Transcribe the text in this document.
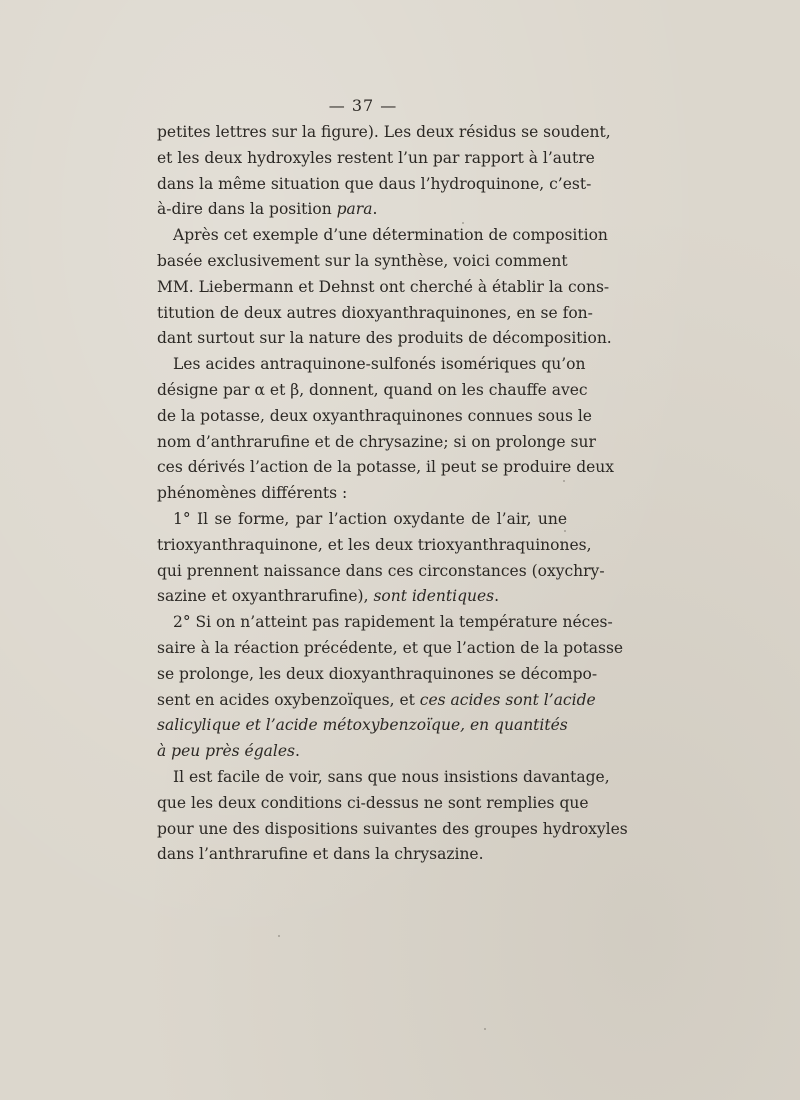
— 37 —
petites lettres sur la figure). Les deux résidus se soudent,
et les deux hydroxyles restent l’un par rapport à l’autre
dans la même situation que daus l’hydroquinone, c’est-
à-dire dans la position para.
Après cet exemple d’une détermination de composition
basée exclusivement sur la synthèse, voici comment
MM. Liebermann et Dehnst ont cherché à établir la cons-
titution de deux autres dioxyanthraquinones, en se fon-
dant surtout sur la nature des produits de décomposition.
Les acides antraquinone-sulfonés isomériques qu’on
désigne par α et β, donnent, quand on les chauffe avec
de la potasse, deux oxyanthraquinones connues sous le
nom d’anthrarufine et de chrysazine; si on prolonge sur
ces dérivés l’action de la potasse, il peut se produire deux
phénomènes différents :
1° Il se forme, par l’action oxydante de l’air, une
trioxyanthraquinone, et les deux trioxyanthraquinones,
qui prennent naissance dans ces circonstances (oxychry-
sazine et oxyanthrarufine), sont identiques.
2° Si on n’atteint pas rapidement la température néces-
saire à la réaction précédente, et que l’action de la potasse
se prolonge, les deux dioxyanthraquinones se décompo-
sent en acides oxybenzoïques, et ces acides sont l’acide
salicylique et l’acide métoxybenzoïque, en quantités
à peu près égales.
Il est facile de voir, sans que nous insistions davantage,
que les deux conditions ci-dessus ne sont remplies que
pour une des dispositions suivantes des groupes hydroxyles
dans l’anthrarufine et dans la chrysazine.
